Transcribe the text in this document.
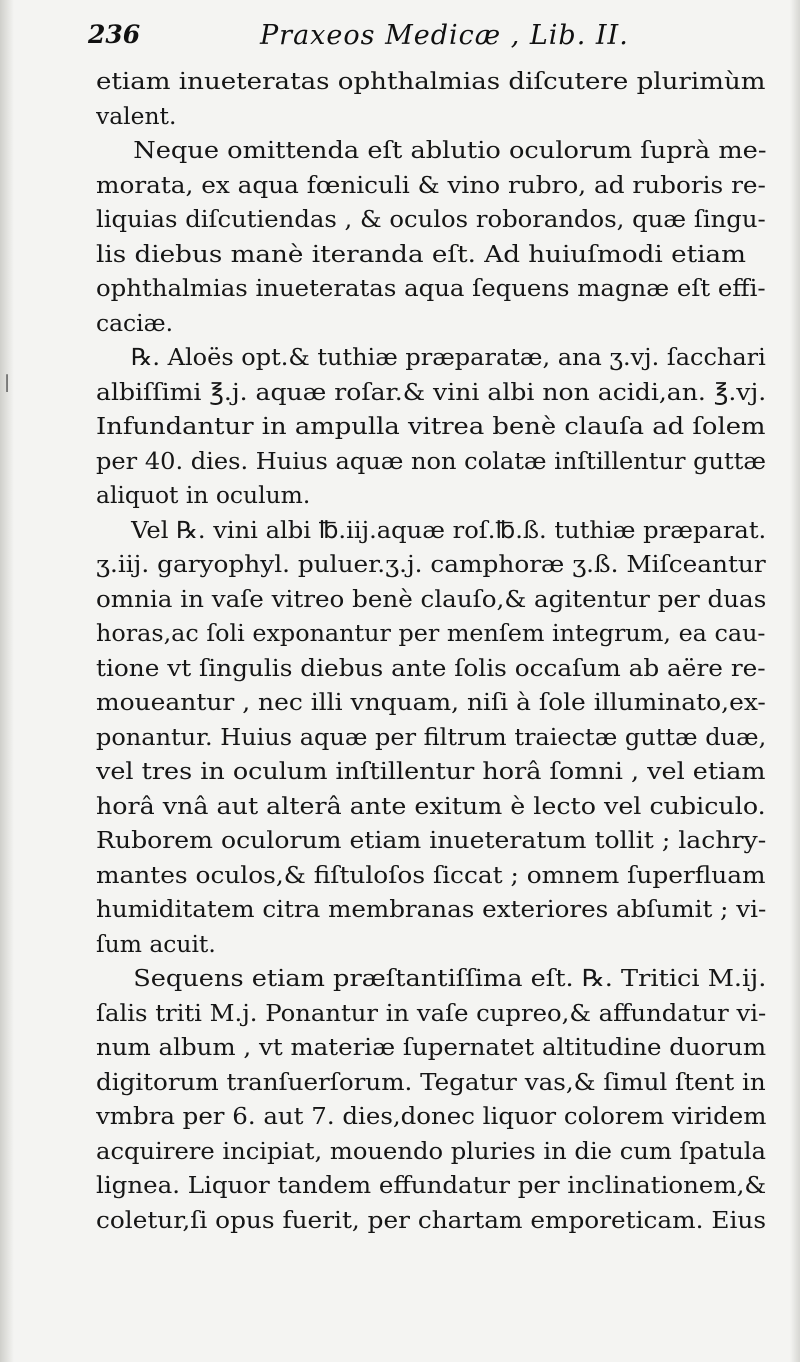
|
236	Praxeos Medicæ , Lib. II.
etiam inueteratas ophthalmias diſcutere plurimùm
valent.
Neque omittenda eſt ablutio oculorum ſuprà me-
morata, ex aqua fœniculi & vino rubro, ad ruboris re-
liquias diſcutiendas , & oculos roborandos, quæ ſingu-
lis diebus manè iteranda eſt. Ad huiuſmodi etiam
ophthalmias inueteratas aqua ſequens magnæ eſt effi-
caciæ.
℞. Aloës opt.& tuthiæ præparatæ, ana ʒ.vj. ſacchari
albiſſimi ℥.j. aquæ roſar.& vini albi non acidi,an. ℥.vj.
Infundantur in ampulla vitrea benè clauſa ad ſolem
per 40. dies. Huius aquæ non colatæ inſtillentur guttæ
aliquot in oculum.
Vel ℞. vini albi ℔.iij.aquæ roſ.℔.ß. tuthiæ præparat.
ʒ.iij. garyophyl. puluer.ʒ.j. camphoræ ʒ.ß. Miſceantur
omnia in vaſe vitreo benè clauſo,& agitentur per duas
horas,ac ſoli exponantur per menſem integrum, ea cau-
tione vt ſingulis diebus ante ſolis occaſum ab aëre re-
moueantur , nec illi vnquam, niſi à ſole illuminato,ex-
ponantur. Huius aquæ per filtrum traiectæ guttæ duæ,
vel tres in oculum inſtillentur horâ ſomni , vel etiam
horâ vnâ aut alterâ ante exitum è lecto vel cubiculo.
Ruborem oculorum etiam inueteratum tollit ; lachry-
mantes oculos,& fiſtuloſos ſiccat ; omnem ſuperfluam
humiditatem citra membranas exteriores abſumit ; vi-
ſum acuit.
Sequens etiam præſtantiſſima eſt. ℞. Tritici M.ij.
ſalis triti M.j. Ponantur in vaſe cupreo,& affundatur vi-
num album , vt materiæ ſupernatet altitudine duorum
digitorum tranſuerſorum. Tegatur vas,& ſimul ſtent in
vmbra per 6. aut 7. dies,donec liquor colorem viridem
acquirere incipiat, mouendo pluries in die cum ſpatula
lignea. Liquor tandem effundatur per inclinationem,&
coletur,ſi opus fuerit, per chartam emporeticam. Eius
